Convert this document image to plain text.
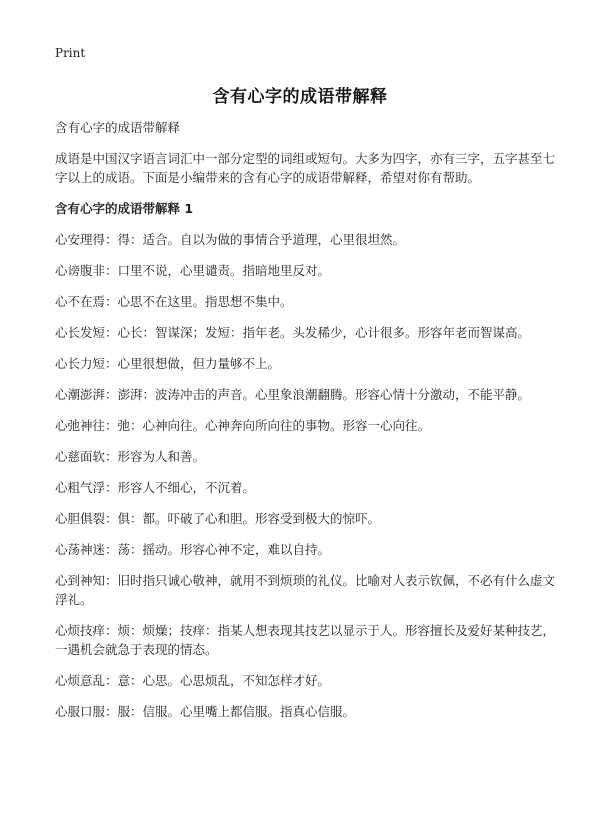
Print
含有心字的成语带解释

含有心字的成语带解释

成语是中国汉字语言词汇中一部分定型的词组或短句。大多为四字，亦有三字，五字甚至七字以上的成语。下面是小编带来的含有心字的成语带解释，希望对你有帮助。

含有心字的成语带解释 1

心安理得：得：适合。自以为做的事情合乎道理，心里很坦然。

心谤腹非：口里不说，心里谴责。指暗地里反对。

心不在焉：心思不在这里。指思想不集中。

心长发短：心长：智谋深；发短：指年老。头发稀少，心计很多。形容年老而智谋高。

心长力短：心里很想做，但力量够不上。

心潮澎湃：澎湃：波涛冲击的声音。心里象浪潮翻腾。形容心情十分激动，不能平静。

心弛神往：弛：心神向往。心神奔向所向往的事物。形容一心向往。

心慈面软：形容为人和善。

心粗气浮：形容人不细心，不沉着。

心胆俱裂：俱：都。吓破了心和胆。形容受到极大的惊吓。

心荡神迷：荡：摇动。形容心神不定，难以自持。

心到神知：旧时指只诚心敬神，就用不到烦琐的礼仪。比喻对人表示钦佩，不必有什么虚文浮礼。

心烦技痒：烦：烦燥；技痒：指某人想表现其技艺以显示于人。形容擅长及爱好某种技艺，一遇机会就急于表现的情态。

心烦意乱：意：心思。心思烦乱，不知怎样才好。

心服口服：服：信服。心里嘴上都信服。指真心信服。
